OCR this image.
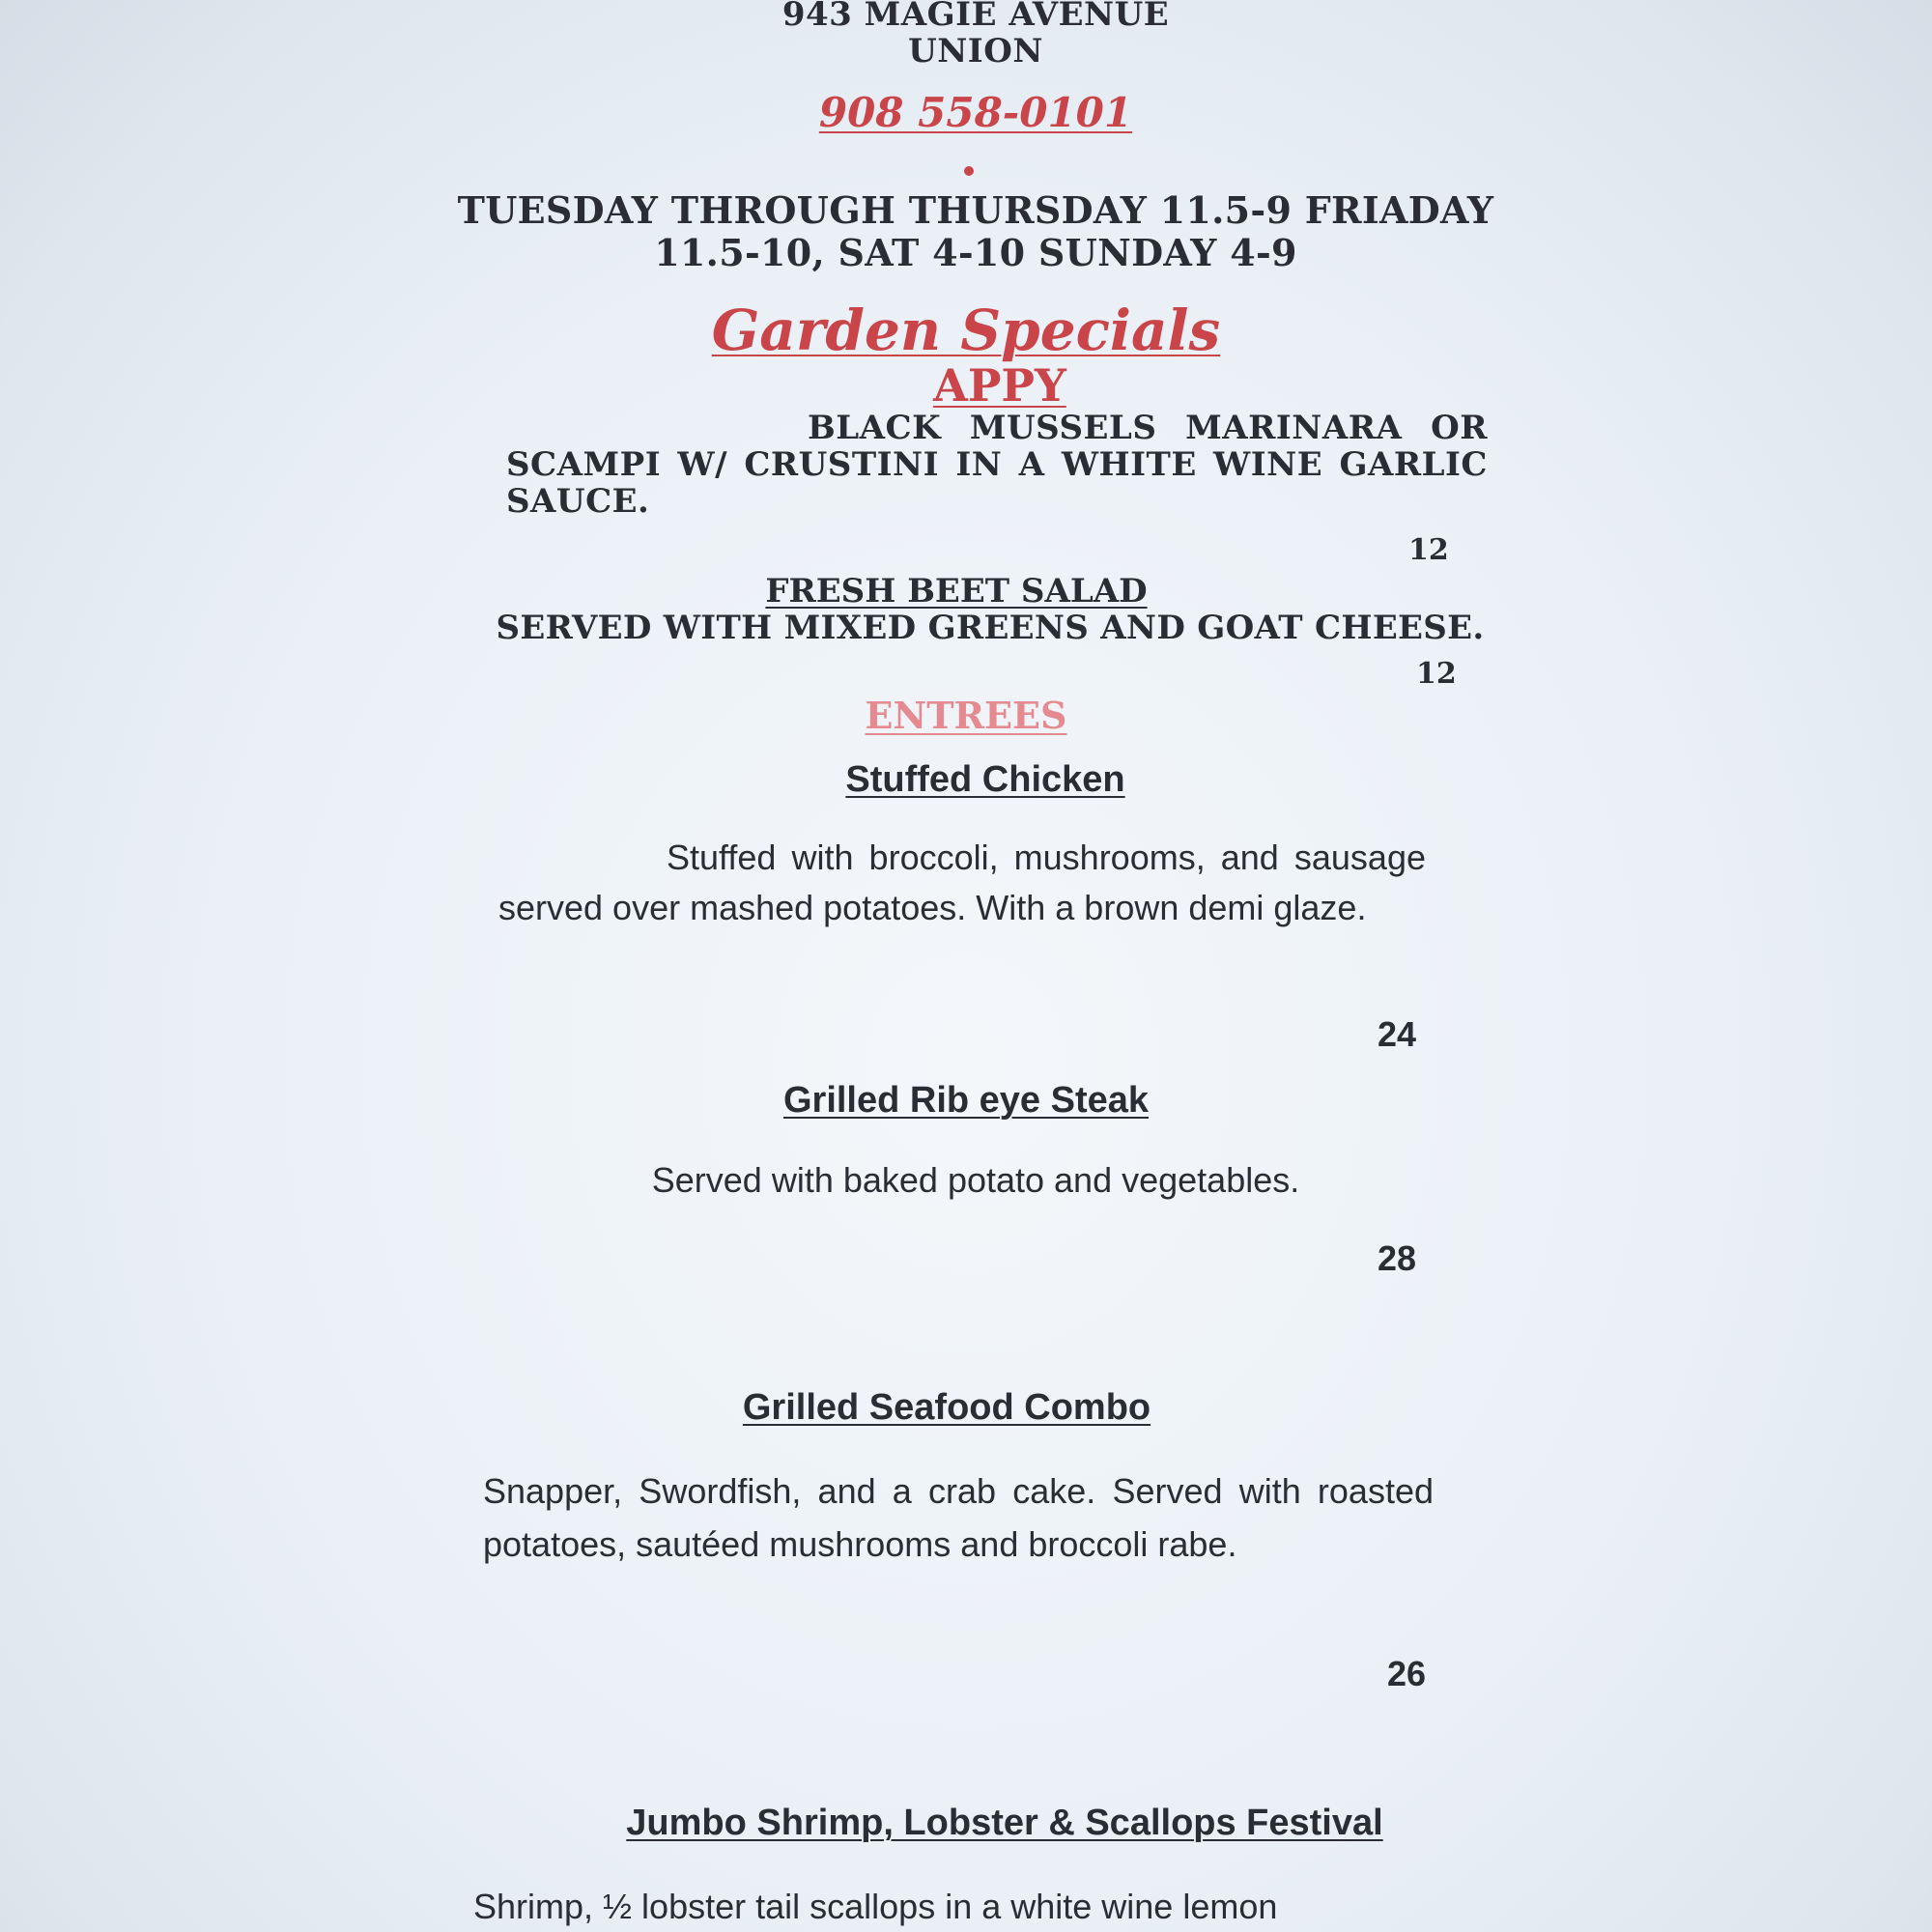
943 MAGIE AVENUE
UNION
908 558-0101
TUESDAY THROUGH THURSDAY 11.5-9 FRIADAY
11.5-10, SAT 4-10 SUNDAY 4-9
Garden Specials
APPY
BLACK MUSSELS MARINARA OR SCAMPI W/ CRUSTINI IN A WHITE WINE GARLIC SAUCE.
12
FRESH BEET SALAD
SERVED WITH MIXED GREENS AND GOAT CHEESE.
12
ENTREES
Stuffed Chicken
Stuffed with broccoli, mushrooms, and sausage served over mashed potatoes. With a brown demi glaze.
24
Grilled Rib eye Steak
Served with baked potato and vegetables.
28
Grilled Seafood Combo
Snapper, Swordfish, and a crab cake. Served with roasted potatoes, sautéed mushrooms and broccoli rabe.
26
Jumbo Shrimp, Lobster & Scallops Festival
Shrimp, ½ lobster tail scallops in a white wine lemon
